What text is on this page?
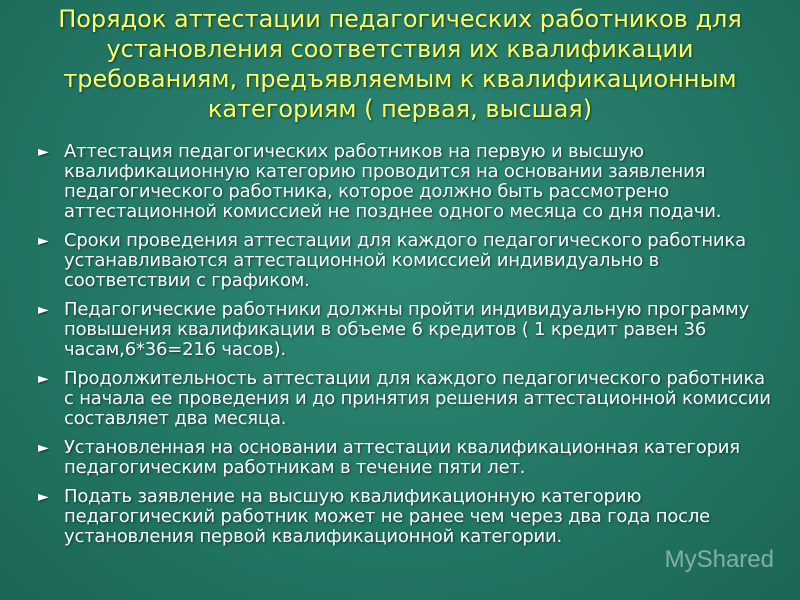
Порядок аттестации педагогических работников для установления соответствия их квалификации требованиям, предъявляемым к квалификационным категориям ( первая, высшая)
► Аттестация педагогических работников на первую и высшую квалификационную категорию проводится на основании заявления педагогического работника, которое должно быть рассмотрено аттестационной комиссией не позднее одного месяца со дня подачи.
► Сроки проведения аттестации для каждого педагогического работника устанавливаются аттестационной комиссией индивидуально в соответствии с графиком.
► Педагогические работники должны пройти индивидуальную программу повышения квалификации в объеме 6 кредитов ( 1 кредит равен 36 часам,6*36=216 часов).
► Продолжительность аттестации для каждого педагогического работника с начала ее проведения и до принятия решения аттестационной комиссии составляет два месяца.
► Установленная на основании аттестации квалификационная категория педагогическим работникам в течение пяти лет.
► Подать заявление на высшую квалификационную категорию педагогический работник может не ранее чем через два года после установления первой квалификационной категории.
MyShared
